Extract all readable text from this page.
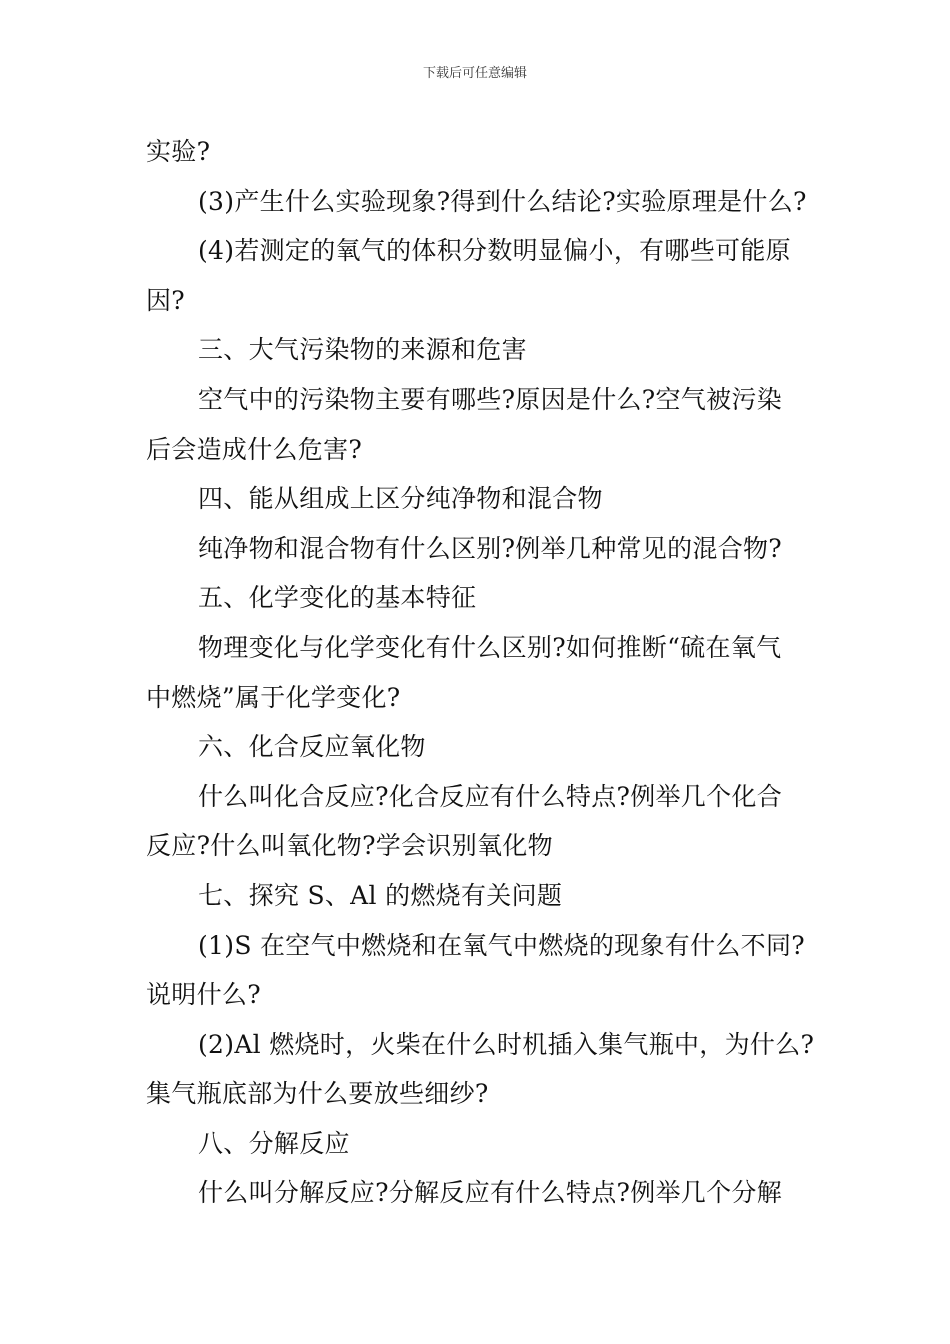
下载后可任意编辑
实验?
(3)产生什么实验现象?得到什么结论?实验原理是什么?
(4)若测定的氧气的体积分数明显偏小，有哪些可能原
因?
三、大气污染物的来源和危害
空气中的污染物主要有哪些?原因是什么?空气被污染
后会造成什么危害?
四、能从组成上区分纯净物和混合物
纯净物和混合物有什么区别?例举几种常见的混合物?
五、化学变化的基本特征
物理变化与化学变化有什么区别?如何推断“硫在氧气
中燃烧”属于化学变化?
六、化合反应氧化物
什么叫化合反应?化合反应有什么特点?例举几个化合
反应?什么叫氧化物?学会识别氧化物
七、探究 S、Al 的燃烧有关问题
(1)S 在空气中燃烧和在氧气中燃烧的现象有什么不同?
说明什么?
(2)Al 燃烧时，火柴在什么时机插入集气瓶中，为什么?
集气瓶底部为什么要放些细纱?
八、分解反应
什么叫分解反应?分解反应有什么特点?例举几个分解
